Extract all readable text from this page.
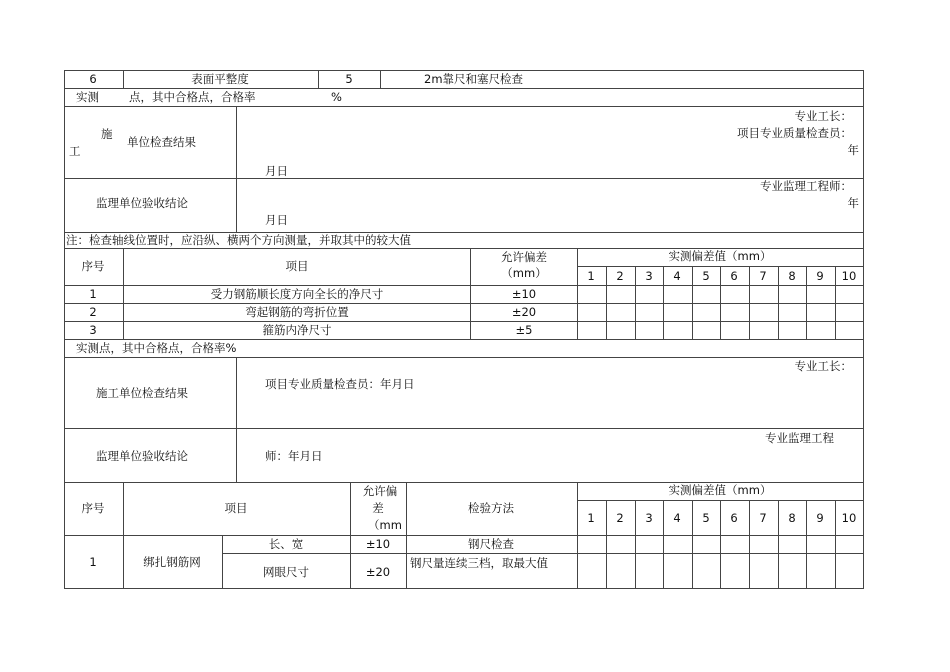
6	表面平整度	5	2m靠尺和塞尺检查
实测	点，其中合格点，合格率	%
施
单位检查结果
工
专业工长：
项目专业质量检查员：
年
月日
监理单位验收结论
专业监理工程师：
年
月日
注：检查轴线位置时，应沿纵、横两个方向测量，并取其中的较大值
序号	项目
允许偏差
（mm）
实测偏差值（mm）
1 2 3 4 5 6 7 8 9 10
1	受力钢筋顺长度方向全长的净尺寸	±10
2	弯起钢筋的弯折位置	±20
3	箍筋内净尺寸	±5
实测点，其中合格点，合格率%
施工单位检查结果
专业工长：
项目专业质量检查员：年月日
监理单位验收结论
专业监理工程
师：年月日
序号	项目
允许偏
差
（mm
检验方法
实测偏差值（mm）
1 2 3 4 5 6 7 8 9 10
1	绑扎钢筋网
长、宽	±10	钢尺检查
网眼尺寸	±20
钢尺量连续三档，取最大值
